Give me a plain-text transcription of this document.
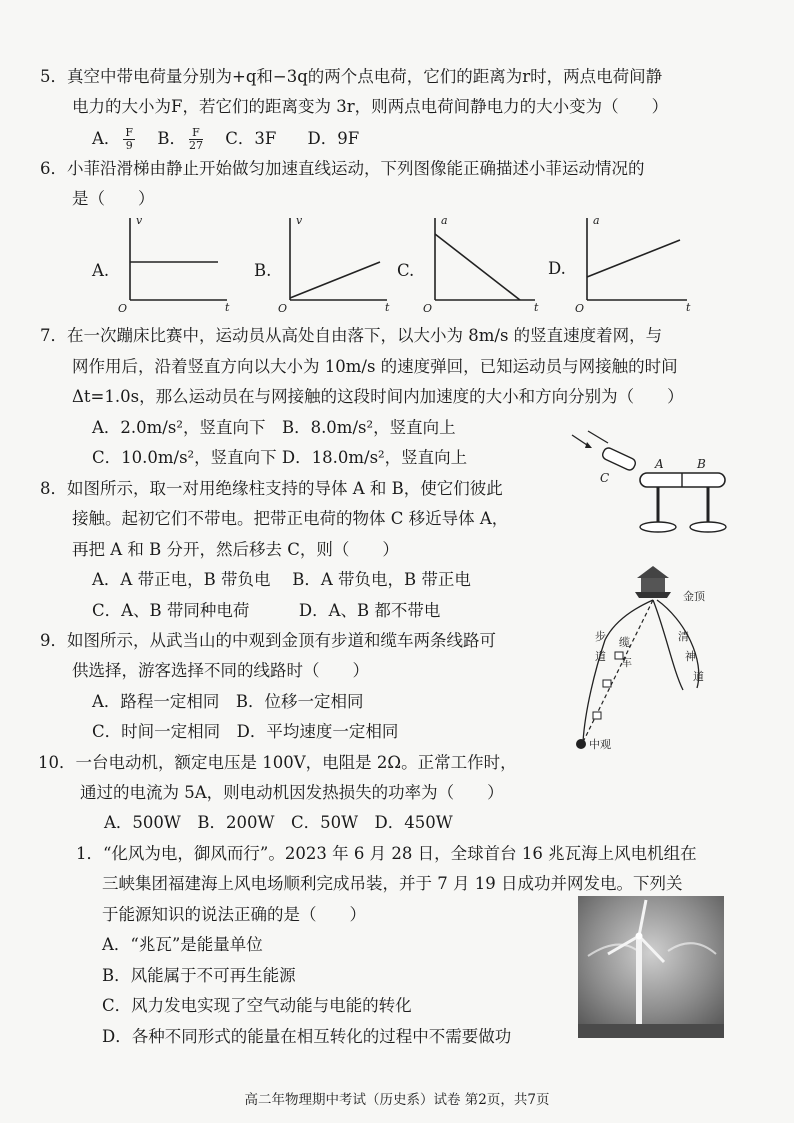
5．真空中带电荷量分别为+q和−3q的两个点电荷，它们的距离为r时，两点电荷间静
电力的大小为F，若它们的距离变为 3r，则两点电荷间静电力的大小变为（　　）
A． $\frac{F}{9}$ B． $\frac{F}{27}$ C．3F D．9F
6．小菲沿滑梯由静止开始做匀加速直线运动，下列图像能正确描述小菲运动情况的
是（　　）
A.
v
t
O
B.
v
t
O
C.
a
t
O
D.
a
t
O
7．在一次蹦床比赛中，运动员从高处自由落下，以大小为 8m/s 的竖直速度着网，与
网作用后，沿着竖直方向以大小为 10m/s 的速度弹回，已知运动员与网接触的时间
Δt=1.0s，那么运动员在与网接触的这段时间内加速度的大小和方向分别为（　　）
A．2.0m/s²，竖直向下　B．8.0m/s²，竖直向上
C．10.0m/s²，竖直向下 D．18.0m/s²，竖直向上
C
A	B
8．如图所示，取一对用绝缘柱支持的导体 A 和 B，使它们彼此
接触。起初它们不带电。把带正电荷的物体 C 移近导体 A，
再把 A 和 B 分开，然后移去 C，则（　　）
A．A 带正电，B 带负电　 B．A 带负电，B 带正电
C．A、B 带同种电荷　　　D．A、B 都不带电
金顶
中观
步
道
缆
车
清
神
道
9．如图所示，从武当山的中观到金顶有步道和缆车两条线路可
供选择，游客选择不同的线路时（　　）
A．路程一定相同　B．位移一定相同
C．时间一定相同　D．平均速度一定相同
10．一台电动机，额定电压是 100V，电阻是 2Ω。正常工作时，
通过的电流为 5A，则电动机因发热损失的功率为（　　）
A．500W　B．200W　C．50W　D．450W
1．“化风为电，御风而行”。2023 年 6 月 28 日，全球首台 16 兆瓦海上风电机组在
三峡集团福建海上风电场顺利完成吊装，并于 7 月 19 日成功并网发电。下列关
于能源知识的说法正确的是（　　）
A．“兆瓦”是能量单位
B．风能属于不可再生能源
C．风力发电实现了空气动能与电能的转化
D．各种不同形式的能量在相互转化的过程中不需要做功
高二年物理期中考试（历史系）试卷 第2页，共7页
